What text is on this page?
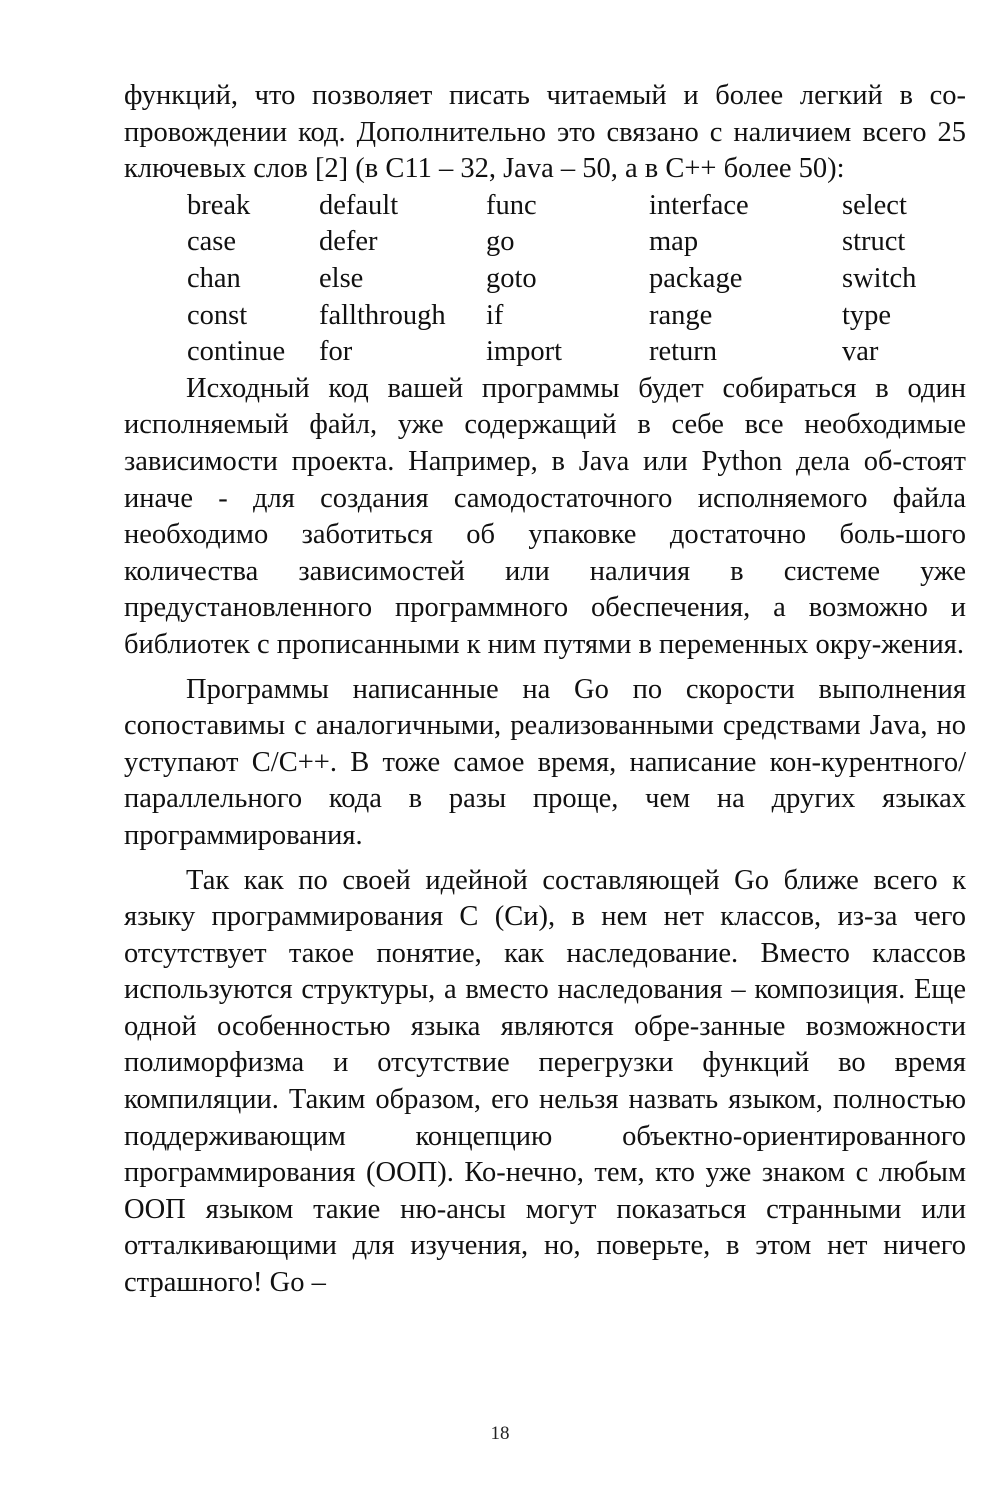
функций, что позволяет писать читаемый и более легкий в со-провождении код. Дополнительно это связано с наличием всего 25 ключевых слов [2] (в C11 – 32, Java – 50, а в C++ более 50):

break
case
chan
const
continue
default
defer
else
fallthrough
for
func
go
goto
if
import
interface
map
package
range
return
select
struct
switch
type
var

Исходный код вашей программы будет собираться в один исполняемый файл, уже содержащий в себе все необходимые зависимости проекта. Например, в Java или Python дела об-стоят иначе - для создания самодостаточного исполняемого файла необходимо заботиться об упаковке достаточно боль-шого количества зависимостей или наличия в системе уже предустановленного программного обеспечения, а возможно и библиотек с прописанными к ним путями в переменных окру-жения.

Программы написанные на Go по скорости выполнения сопоставимы с аналогичными, реализованными средствами Java, но уступают C/C++. В тоже самое время, написание кон-курентного/параллельного кода в разы проще, чем на других языках программирования.

Так как по своей идейной составляющей Go ближе всего к языку программирования С (Си), в нем нет классов, из-за чего отсутствует такое понятие, как наследование. Вместо классов используются структуры, а вместо наследования – композиция. Еще одной особенностью языка являются обре-занные возможности полиморфизма и отсутствие перегрузки функций во время компиляции. Таким образом, его нельзя назвать языком, полностью поддерживающим концепцию объектно-ориентированного программирования (ООП). Ко-нечно, тем, кто уже знаком с любым ООП языком такие ню-ансы могут показаться странными или отталкивающими для изучения, но, поверьте, в этом нет ничего страшного! Go –

18
